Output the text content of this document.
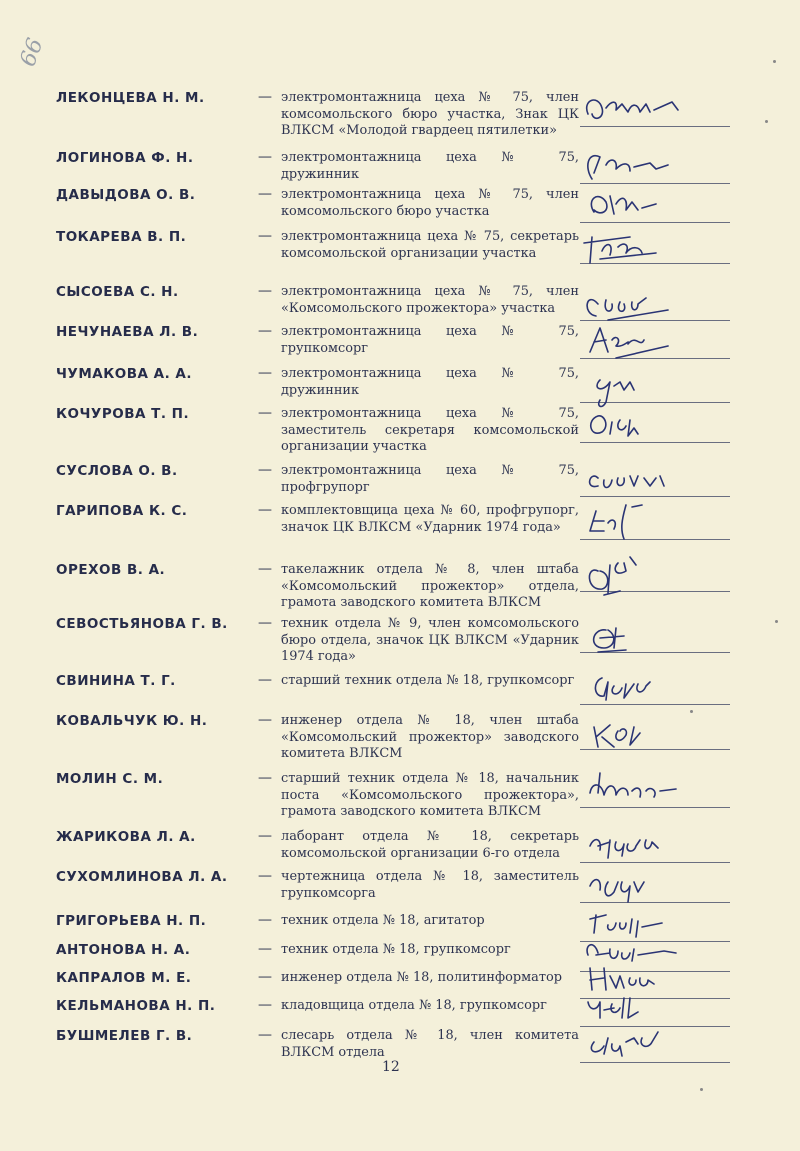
66
ЛЕКОНЦЕВА Н. М.	— электромонтажница цеха № 75, член комсомольского бюро участка, Знак ЦК ВЛКСМ «Молодой гвардеец пятилетки»
ЛОГИНОВА Ф. Н.	— электромонтажница цеха № 75, дружинник
ДАВЫДОВА О. В.	— электромонтажница цеха № 75, член комсомольского бюро участка
ТОКАРЕВА В. П.	— электромонтажница цеха № 75, секретарь комсомольской организации участка
СЫСОЕВА С. Н.	— электромонтажница цеха № 75, член «Комсомольского прожектора» участка
НЕЧУНАЕВА Л. В.	— электромонтажница цеха № 75, групкомсорг
ЧУМАКОВА А. А.	— электромонтажница цеха № 75, дружинник
КОЧУРОВА Т. П.	— электромонтажница цеха № 75, заместитель секретаря комсомольской организации участка
СУСЛОВА О. В.	— электромонтажница цеха № 75, профгрупорг
ГАРИПОВА К. С.	— комплектовщица цеха № 60, профгрупорг, значок ЦК ВЛКСМ «Ударник 1974 года»
ОРЕХОВ В. А.	— такелажник отдела № 8, член штаба «Комсомольский прожектор» отдела, грамота заводского комитета ВЛКСМ
СЕВОСТЬЯНОВА Г. В. — техник отдела № 9, член комсомольского бюро отдела, значок ЦК ВЛКСМ «Ударник 1974 года»
СВИНИНА Т. Г.	— старший техник отдела № 18, групкомсорг
КОВАЛЬЧУК Ю. Н.	— инженер отдела № 18, член штаба «Комсомольский прожектор» заводского комитета ВЛКСМ
МОЛИН С. М.	— старший техник отдела № 18, начальник поста «Комсомольского прожектора», грамота заводского комитета ВЛКСМ
ЖАРИКОВА Л. А.	— лаборант отдела № 18, секретарь комсомольской организации 6-го отдела
СУХОМЛИНОВА Л. А. — чертежница отдела № 18, заместитель групкомсорга
ГРИГОРЬЕВА Н. П.	— техник отдела № 18, агитатор
АНТОНОВА Н. А.	— техник отдела № 18, групкомсорг
КАПРАЛОВ М. Е.	— инженер отдела № 18, политинформатор
КЕЛЬМАНОВА Н. П.	— кладовщица отдела № 18, групкомсорг
БУШМЕЛЕВ Г. В.	— слесарь отдела № 18, член комитета ВЛКСМ отдела
12
